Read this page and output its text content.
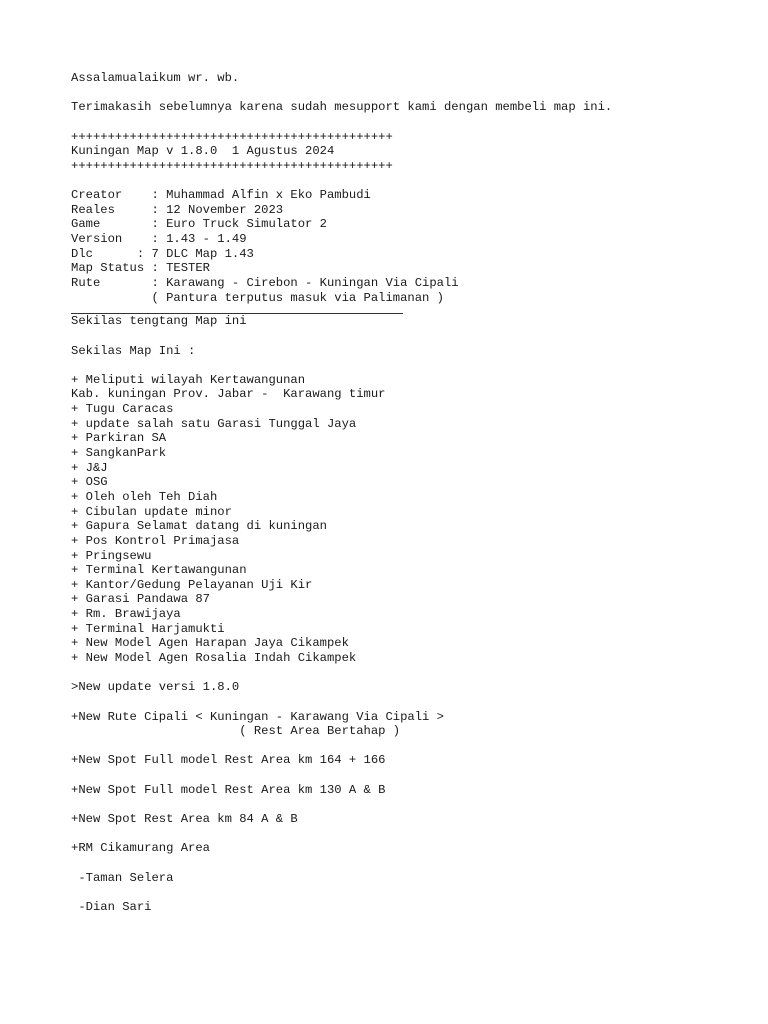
Assalamualaikum wr. wb.
Terimakasih sebelumnya karena sudah mesupport kami dengan membeli map ini.
++++++++++++++++++++++++++++++++++++++++++++
Kuningan Map v 1.8.0  1 Agustus 2024
++++++++++++++++++++++++++++++++++++++++++++
Creator    : Muhammad Alfin x Eko Pambudi
Reales     : 12 November 2023
Game       : Euro Truck Simulator 2
Version    : 1.43 - 1.49
Dlc      : 7 DLC Map 1.43
Map Status : TESTER
Rute       : Karawang - Cirebon - Kuningan Via Cipali
( Pantura terputus masuk via Palimanan )
Sekilas tengtang Map ini
Sekilas Map Ini :
+ Meliputi wilayah Kertawangunan
Kab. kuningan Prov. Jabar -  Karawang timur
+ Tugu Caracas
+ update salah satu Garasi Tunggal Jaya
+ Parkiran SA
+ SangkanPark
+ J&J
+ OSG
+ Oleh oleh Teh Diah
+ Cibulan update minor
+ Gapura Selamat datang di kuningan
+ Pos Kontrol Primajasa
+ Pringsewu
+ Terminal Kertawangunan
+ Kantor/Gedung Pelayanan Uji Kir
+ Garasi Pandawa 87
+ Rm. Brawijaya
+ Terminal Harjamukti
+ New Model Agen Harapan Jaya Cikampek
+ New Model Agen Rosalia Indah Cikampek
>New update versi 1.8.0
+New Rute Cipali < Kuningan - Karawang Via Cipali >
( Rest Area Bertahap )
+New Spot Full model Rest Area km 164 + 166
+New Spot Full model Rest Area km 130 A & B
+New Spot Rest Area km 84 A & B
+RM Cikamurang Area
-Taman Selera
-Dian Sari
